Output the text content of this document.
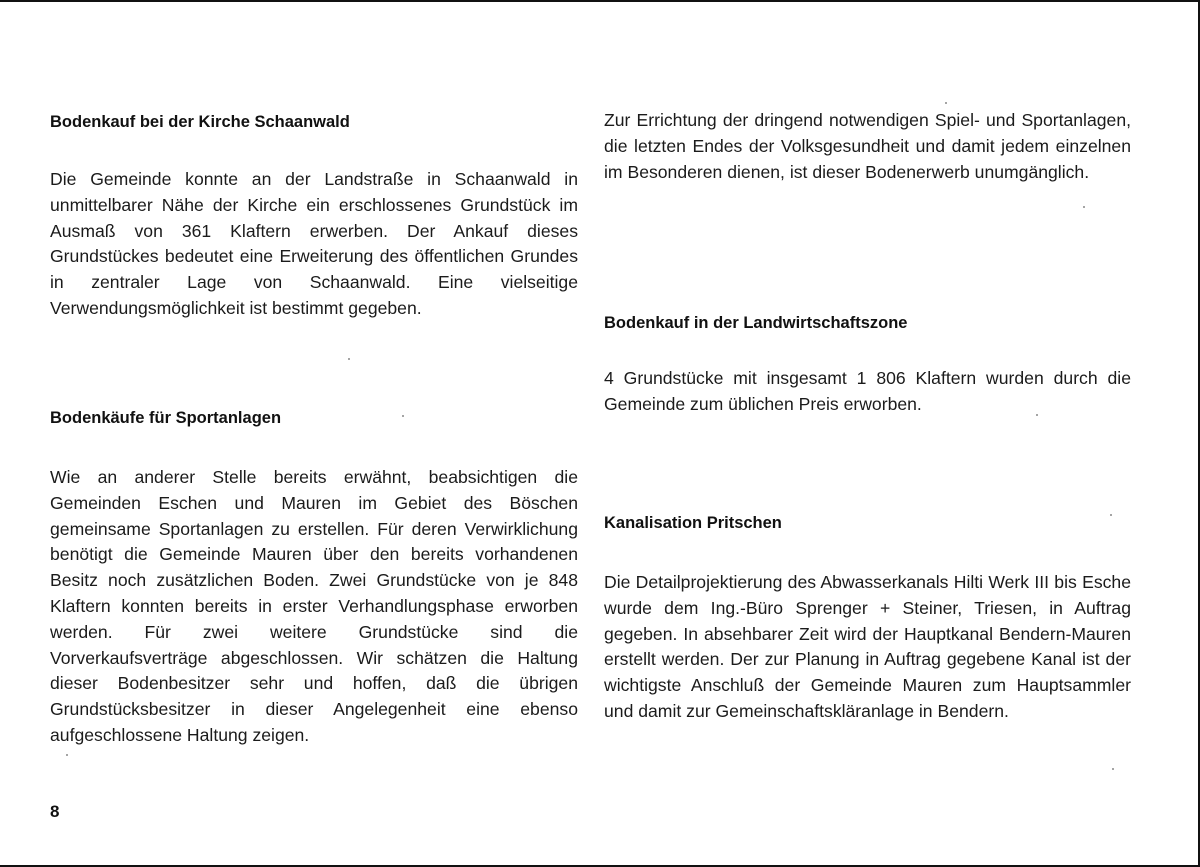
Bodenkauf bei der Kirche Schaanwald

Die Gemeinde konnte an der Landstraße in Schaanwald in unmittelbarer Nähe der Kirche ein erschlossenes Grundstück im Ausmaß von 361 Klaftern erwerben. Der Ankauf dieses Grundstückes bedeutet eine Erweiterung des öffentlichen Grundes in zentraler Lage von Schaanwald. Eine vielseitige Verwendungsmöglichkeit ist bestimmt gegeben.

Bodenkäufe für Sportanlagen

Wie an anderer Stelle bereits erwähnt, beabsichtigen die Gemeinden Eschen und Mauren im Gebiet des Böschen gemeinsame Sportanlagen zu erstellen. Für deren Verwirklichung benötigt die Gemeinde Mauren über den bereits vorhandenen Besitz noch zusätzlichen Boden. Zwei Grundstücke von je 848 Klaftern konnten bereits in erster Verhandlungsphase erworben werden. Für zwei weitere Grundstücke sind die Vorverkaufsverträge abgeschlossen. Wir schätzen die Haltung dieser Bodenbesitzer sehr und hoffen, daß die übrigen Grundstücksbesitzer in dieser Angelegenheit eine ebenso aufgeschlossene Haltung zeigen.

Zur Errichtung der dringend notwendigen Spiel- und Sportanlagen, die letzten Endes der Volksgesundheit und damit jedem einzelnen im Besonderen dienen, ist dieser Bodenerwerb unumgänglich.

Bodenkauf in der Landwirtschaftszone

4 Grundstücke mit insgesamt 1 806 Klaftern wurden durch die Gemeinde zum üblichen Preis erworben.

Kanalisation Pritschen

Die Detailprojektierung des Abwasserkanals Hilti Werk III bis Esche wurde dem Ing.-Büro Sprenger + Steiner, Triesen, in Auftrag gegeben. In absehbarer Zeit wird der Hauptkanal Bendern-Mauren erstellt werden. Der zur Planung in Auftrag gegebene Kanal ist der wichtigste Anschluß der Gemeinde Mauren zum Hauptsammler und damit zur Gemeinschaftskläranlage in Bendern.

8
